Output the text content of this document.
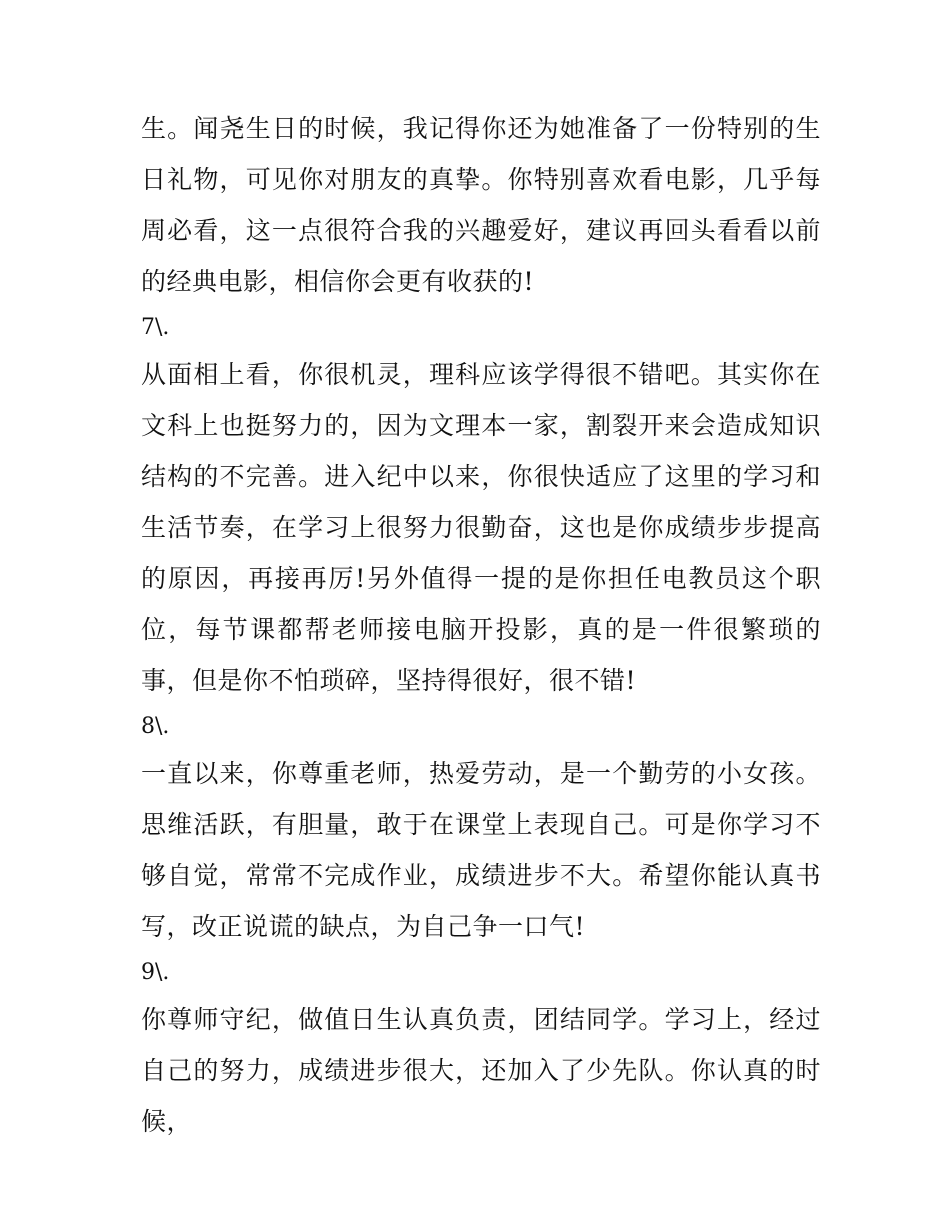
生。闻尧生日的时候，我记得你还为她准备了一份特别的生日礼物，可见你对朋友的真挚。你特别喜欢看电影，几乎每周必看，这一点很符合我的兴趣爱好，建议再回头看看以前的经典电影，相信你会更有收获的!

7\.

从面相上看，你很机灵，理科应该学得很不错吧。其实你在文科上也挺努力的，因为文理本一家，割裂开来会造成知识结构的不完善。进入纪中以来，你很快适应了这里的学习和生活节奏，在学习上很努力很勤奋，这也是你成绩步步提高的原因，再接再厉!另外值得一提的是你担任电教员这个职位，每节课都帮老师接电脑开投影，真的是一件很繁琐的事，但是你不怕琐碎，坚持得很好，很不错!

8\.

一直以来，你尊重老师，热爱劳动，是一个勤劳的小女孩。思维活跃，有胆量，敢于在课堂上表现自己。可是你学习不够自觉，常常不完成作业，成绩进步不大。希望你能认真书写，改正说谎的缺点，为自己争一口气!

9\.

你尊师守纪，做值日生认真负责，团结同学。学习上，经过自己的努力，成绩进步很大，还加入了少先队。你认真的时候，
